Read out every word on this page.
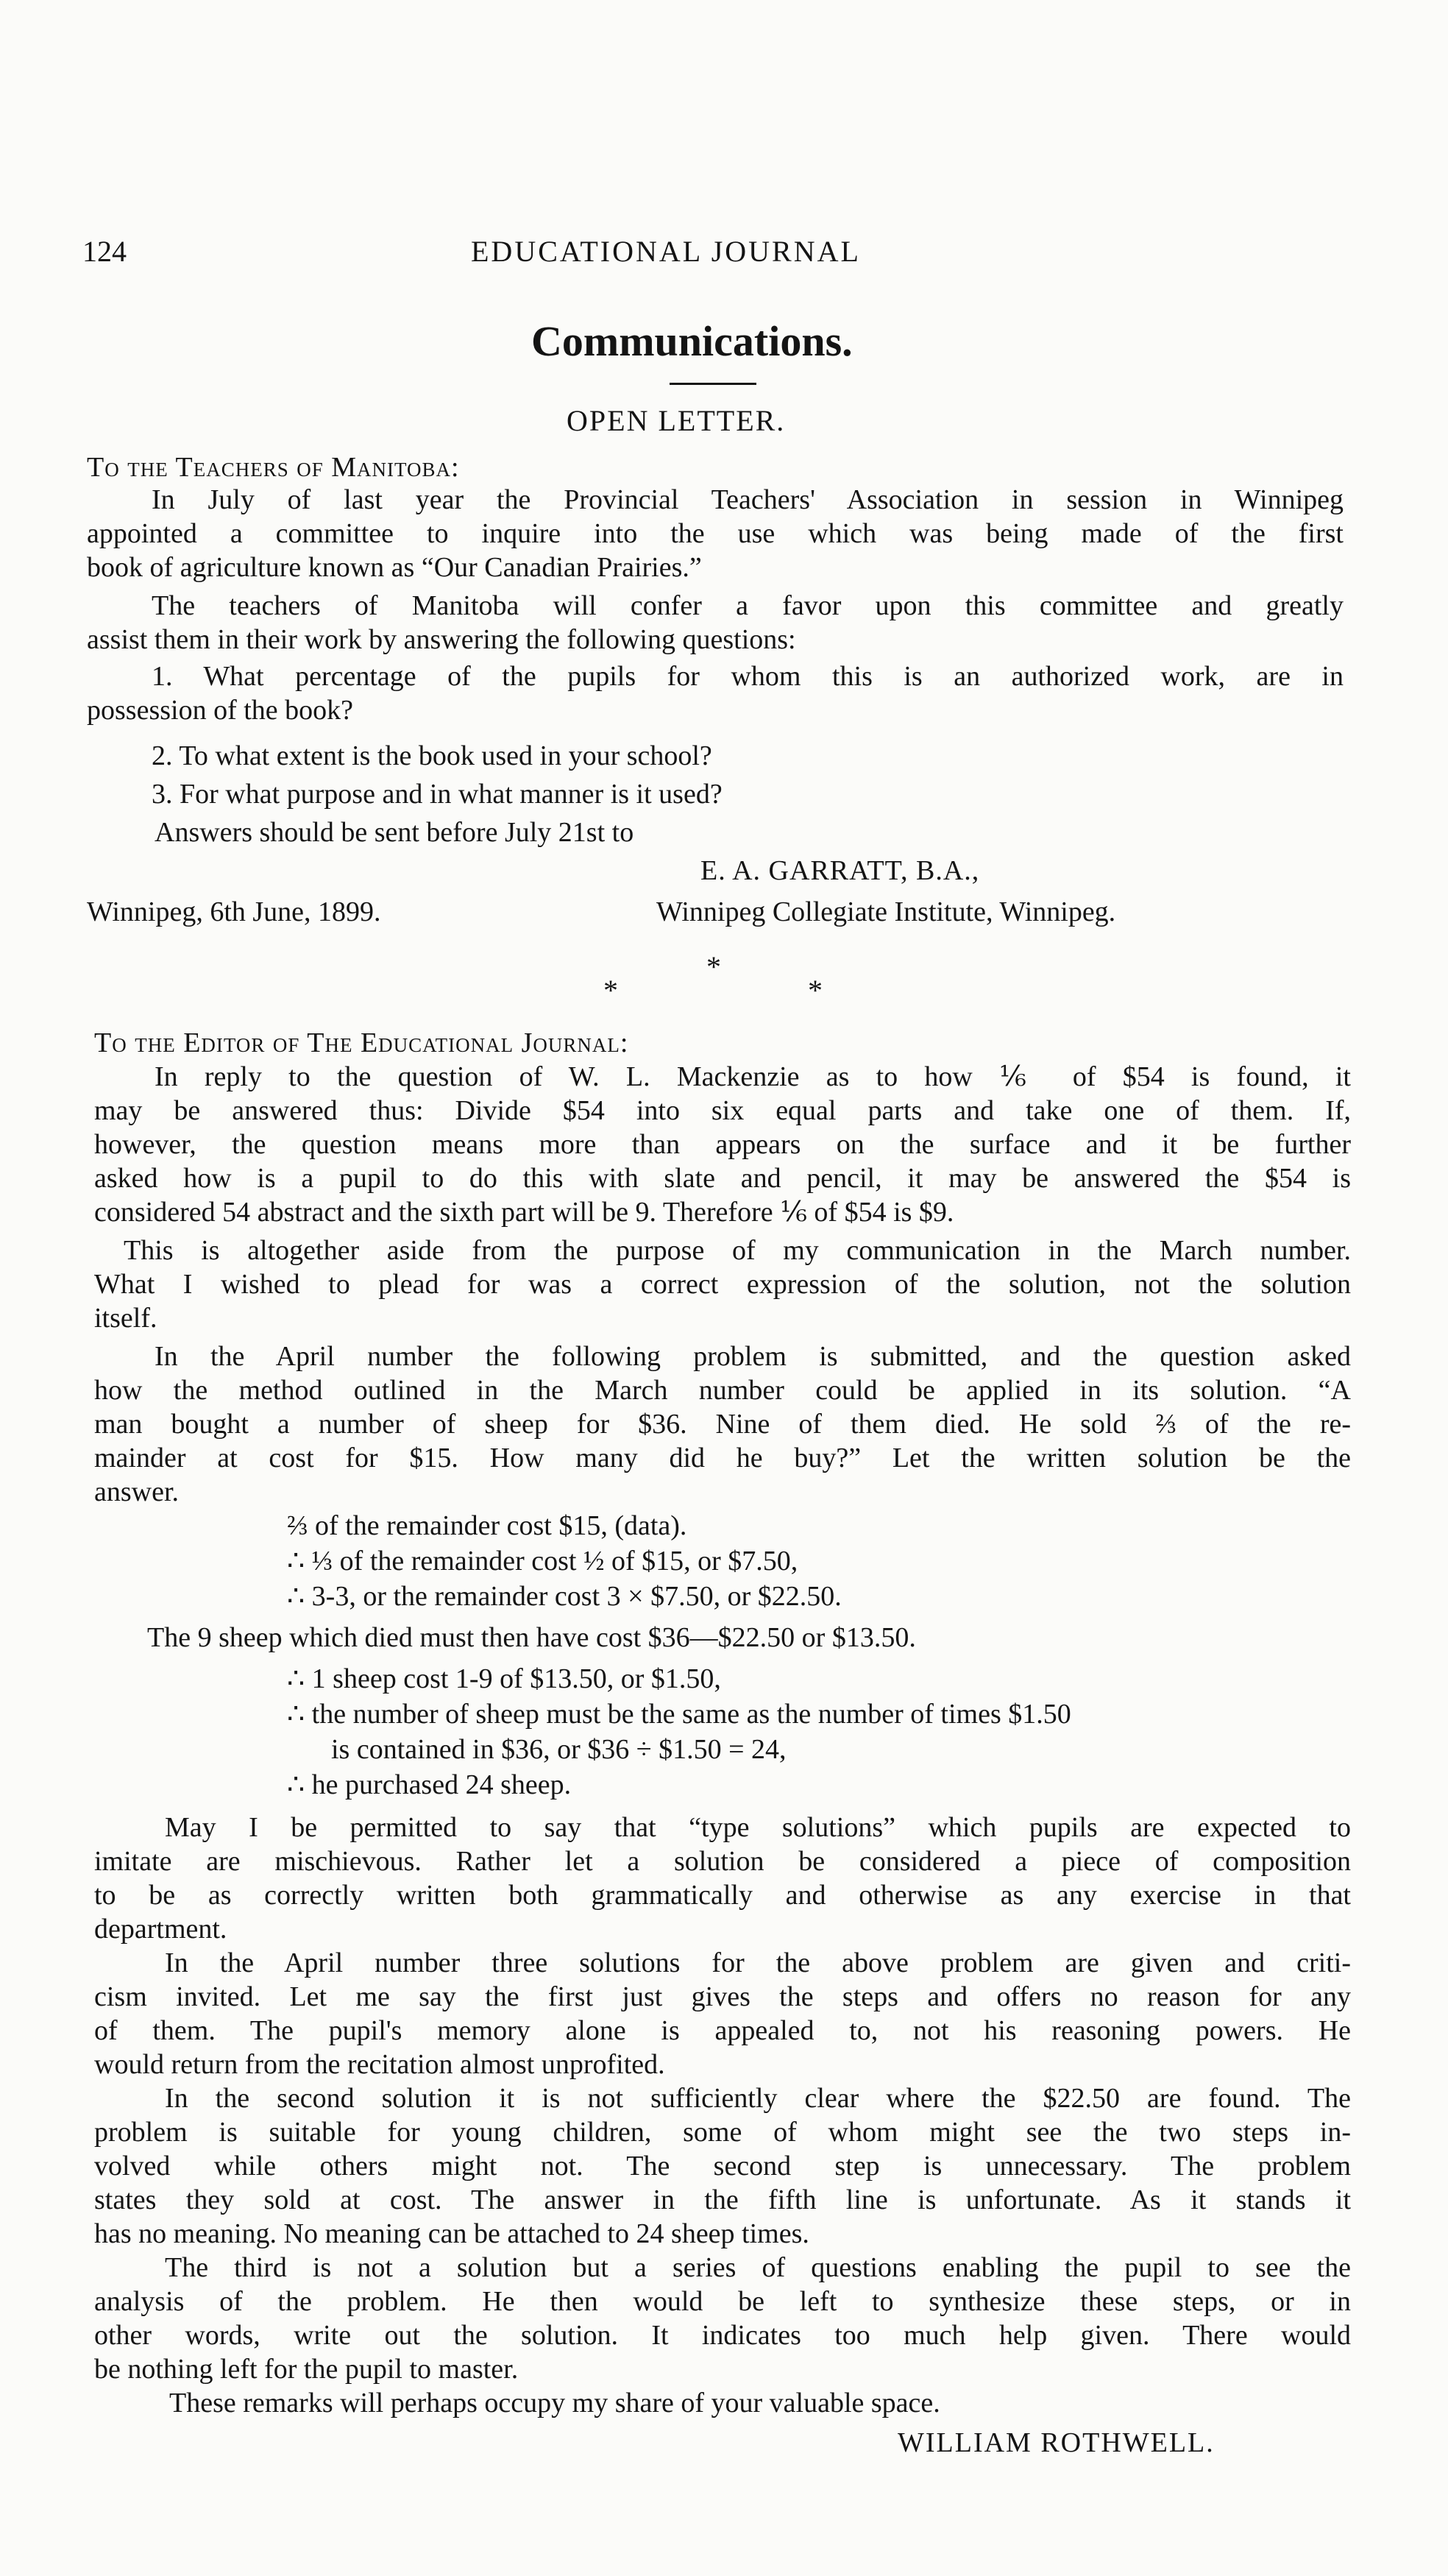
124	EDUCATIONAL JOURNAL
Communications.
OPEN LETTER.
To the Teachers of Manitoba:
In July of last year the Provincial Teachers' Association in session in Winnipeg
appointed a committee to inquire into the use which was being made of the first
book of agriculture known as “Our Canadian Prairies.”
The teachers of Manitoba will confer a favor upon this committee and greatly
assist them in their work by answering the following questions:
1. What percentage of the pupils for whom this is an authorized work, are in
possession of the book?
2. To what extent is the book used in your school?
3. For what purpose and in what manner is it used?
Answers should be sent before July 21st to
E. A. GARRATT, B.A.,
Winnipeg, 6th June, 1899.	Winnipeg Collegiate Institute, Winnipeg.
*
*	*
To the Editor of The Educational Journal:
In reply to the question of W. L. Mackenzie as to how ⅙ of $54 is found, it
may be answered thus: Divide $54 into six equal parts and take one of them. If,
however, the question means more than appears on the surface and it be further
asked how is a pupil to do this with slate and pencil, it may be answered the $54 is
considered 54 abstract and the sixth part will be 9. Therefore ⅙ of $54 is $9.
This is altogether aside from the purpose of my communication in the March number.
What I wished to plead for was a correct expression of the solution, not the solution
itself.
In the April number the following problem is submitted, and the question asked
how the method outlined in the March number could be applied in its solution. “A
man bought a number of sheep for $36. Nine of them died. He sold ⅔ of the re-
mainder at cost for $15. How many did he buy?” Let the written solution be the
answer.
⅔ of the remainder cost $15, (data).
∴ ⅓ of the remainder cost ½ of $15, or $7.50,
∴ 3-3, or the remainder cost 3 × $7.50, or $22.50.
The 9 sheep which died must then have cost $36—$22.50 or $13.50.
∴ 1 sheep cost 1-9 of $13.50, or $1.50,
∴ the number of sheep must be the same as the number of times $1.50
is contained in $36, or $36 ÷ $1.50 = 24,
∴ he purchased 24 sheep.
May I be permitted to say that “type solutions” which pupils are expected to
imitate are mischievous. Rather let a solution be considered a piece of composition
to be as correctly written both grammatically and otherwise as any exercise in that
department.
In the April number three solutions for the above problem are given and criti-
cism invited. Let me say the first just gives the steps and offers no reason for any
of them. The pupil's memory alone is appealed to, not his reasoning powers. He
would return from the recitation almost unprofited.
In the second solution it is not sufficiently clear where the $22.50 are found. The
problem is suitable for young children, some of whom might see the two steps in-
volved while others might not. The second step is unnecessary. The problem
states they sold at cost. The answer in the fifth line is unfortunate. As it stands it
has no meaning. No meaning can be attached to 24 sheep times.
The third is not a solution but a series of questions enabling the pupil to see the
analysis of the problem. He then would be left to synthesize these steps, or in
other words, write out the solution. It indicates too much help given. There would
be nothing left for the pupil to master.
These remarks will perhaps occupy my share of your valuable space.
WILLIAM ROTHWELL.
